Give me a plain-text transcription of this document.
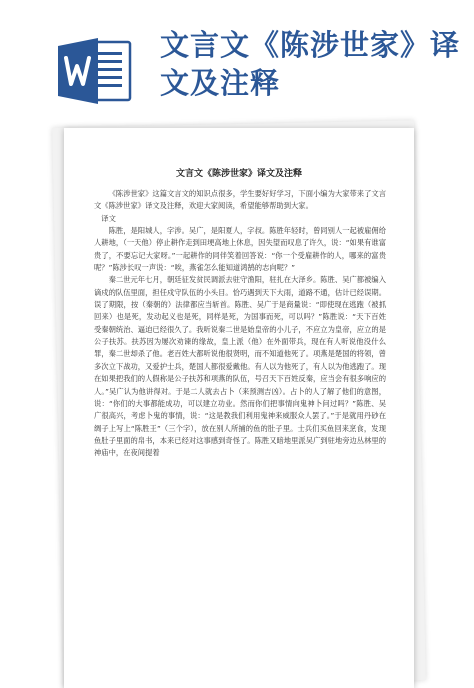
文言文《陈涉世家》译文及注释
文言文《陈涉世家》译文及注释

《陈涉世家》这篇文言文的知识点很多，学生要好好学习，下面小编为大家带来了文言文《陈涉世家》译文及注释，欢迎大家阅读，希望能够帮助到大家。

译文

陈胜，是阳城人，字涉。吴广，是阳夏人，字叔。陈胜年轻时，曾同别人一起被雇佣给人耕地，（一天他）停止耕作走到田埂高地上休息，因失望而叹息了许久，说：“如果有谁富贵了，不要忘记大家呀。”一起耕作的同伴笑着回答说：“你一个受雇耕作的人，哪来的富贵呢？”陈涉长叹一声说：“唉，燕雀怎么能知道鸿鹄的志向呢？”

秦二世元年七月，朝廷征发贫民调派去驻守渔阳，驻扎在大泽乡。陈胜、吴广都被编入谪戍的队伍里面，担任戍守队伍的小头目。恰巧遇到天下大雨，道路不通，估计已经误期。误了期限，按（秦朝的）法律都应当斩首。陈胜、吴广于是商量说：“即使现在逃跑（被抓回来）也是死，发动起义也是死，同样是死，为国事而死，可以吗？”陈胜说：“天下百姓受秦朝统治、逼迫已经很久了。我听说秦二世是始皇帝的小儿子，不应立为皇帝，应立的是公子扶苏。扶苏因为屡次劝谏的缘故，皇上派（他）在外面带兵，现在有人听说他没什么罪，秦二世却杀了他。老百姓大都听说他很贤明，而不知道他死了。项燕是楚国的将领，曾多次立下战功，又爱护士兵，楚国人都很爱戴他。有人以为他死了，有人以为他逃跑了。现在如果把我们的人假称是公子扶苏和项燕的队伍，号召天下百姓反秦，应当会有很多响应的人。”吴广认为他讲得对。于是二人就去占卜（来预测吉凶）。占卜的人了解了他们的意图，说：“你们的大事都能成功，可以建立功业。然而你们把事情向鬼神卜问过吗？”陈胜、吴广很高兴，考虑卜鬼的事情，说：“这是教我们利用鬼神来威服众人罢了。”于是就用丹砂在绸子上写上“陈胜王”（三个字），放在别人所捕的鱼的肚子里。士兵们买鱼回来烹食，发现鱼肚子里面的帛书，本来已经对这事感到奇怪了。陈胜又暗地里派吴广到驻地旁边丛林里的神庙中，在夜间提着
